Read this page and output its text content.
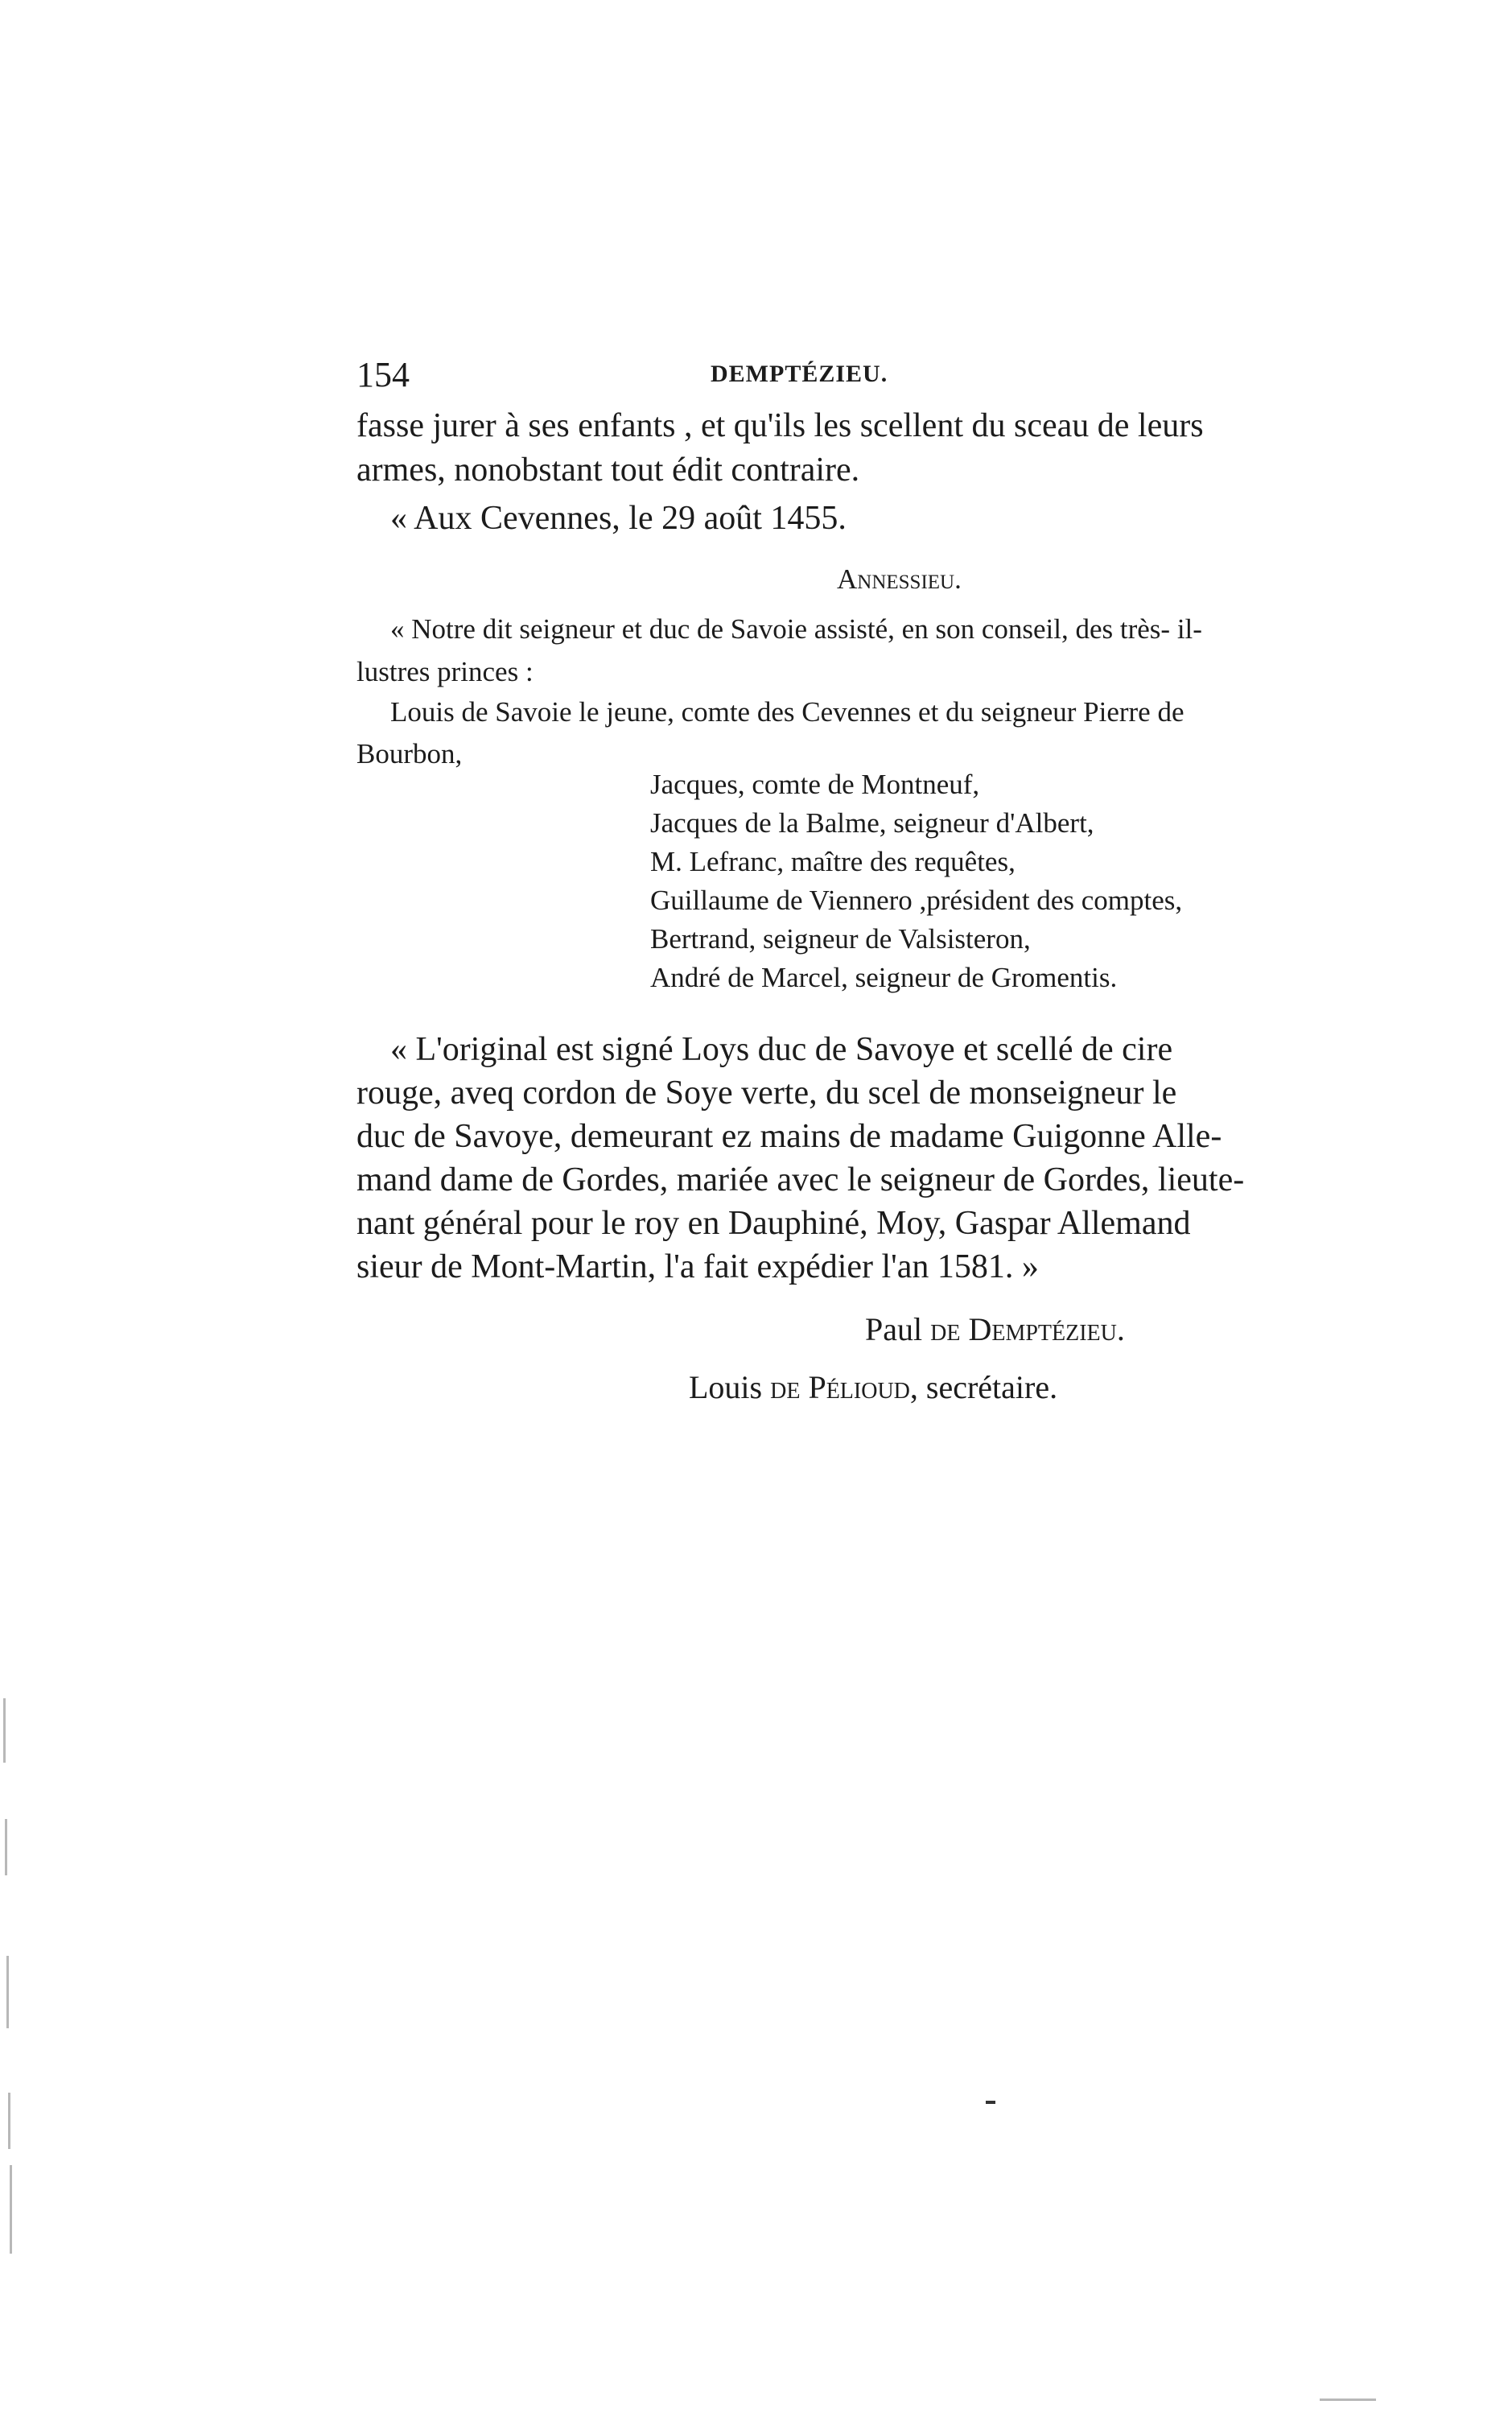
154	DEMPTÉZIEU.
fasse jurer à ses enfants , et qu'ils les scellent du sceau de leurs
armes, nonobstant tout édit contraire.
« Aux Cevennes, le 29 août 1455.
Annessieu.
« Notre dit seigneur et duc de Savoie assisté, en son conseil, des très- il-
lustres princes :
Louis de Savoie le jeune, comte des Cevennes et du seigneur Pierre de
Bourbon,
Jacques, comte de Montneuf,
Jacques de la Balme, seigneur d'Albert,
M. Lefranc, maître des requêtes,
Guillaume de Viennero ,président des comptes,
Bertrand, seigneur de Valsisteron,
André de Marcel, seigneur de Gromentis.
« L'original est signé Loys duc de Savoye et scellé de cire
rouge, aveq cordon de Soye verte, du scel de monseigneur le
duc de Savoye, demeurant ez mains de madame Guigonne Alle-
mand dame de Gordes, mariée avec le seigneur de Gordes, lieute-
nant général pour le roy en Dauphiné, Moy, Gaspar Allemand
sieur de Mont-Martin, l'a fait expédier l'an 1581. »
Paul de Demptézieu.
Louis de Pélioud, secrétaire.
